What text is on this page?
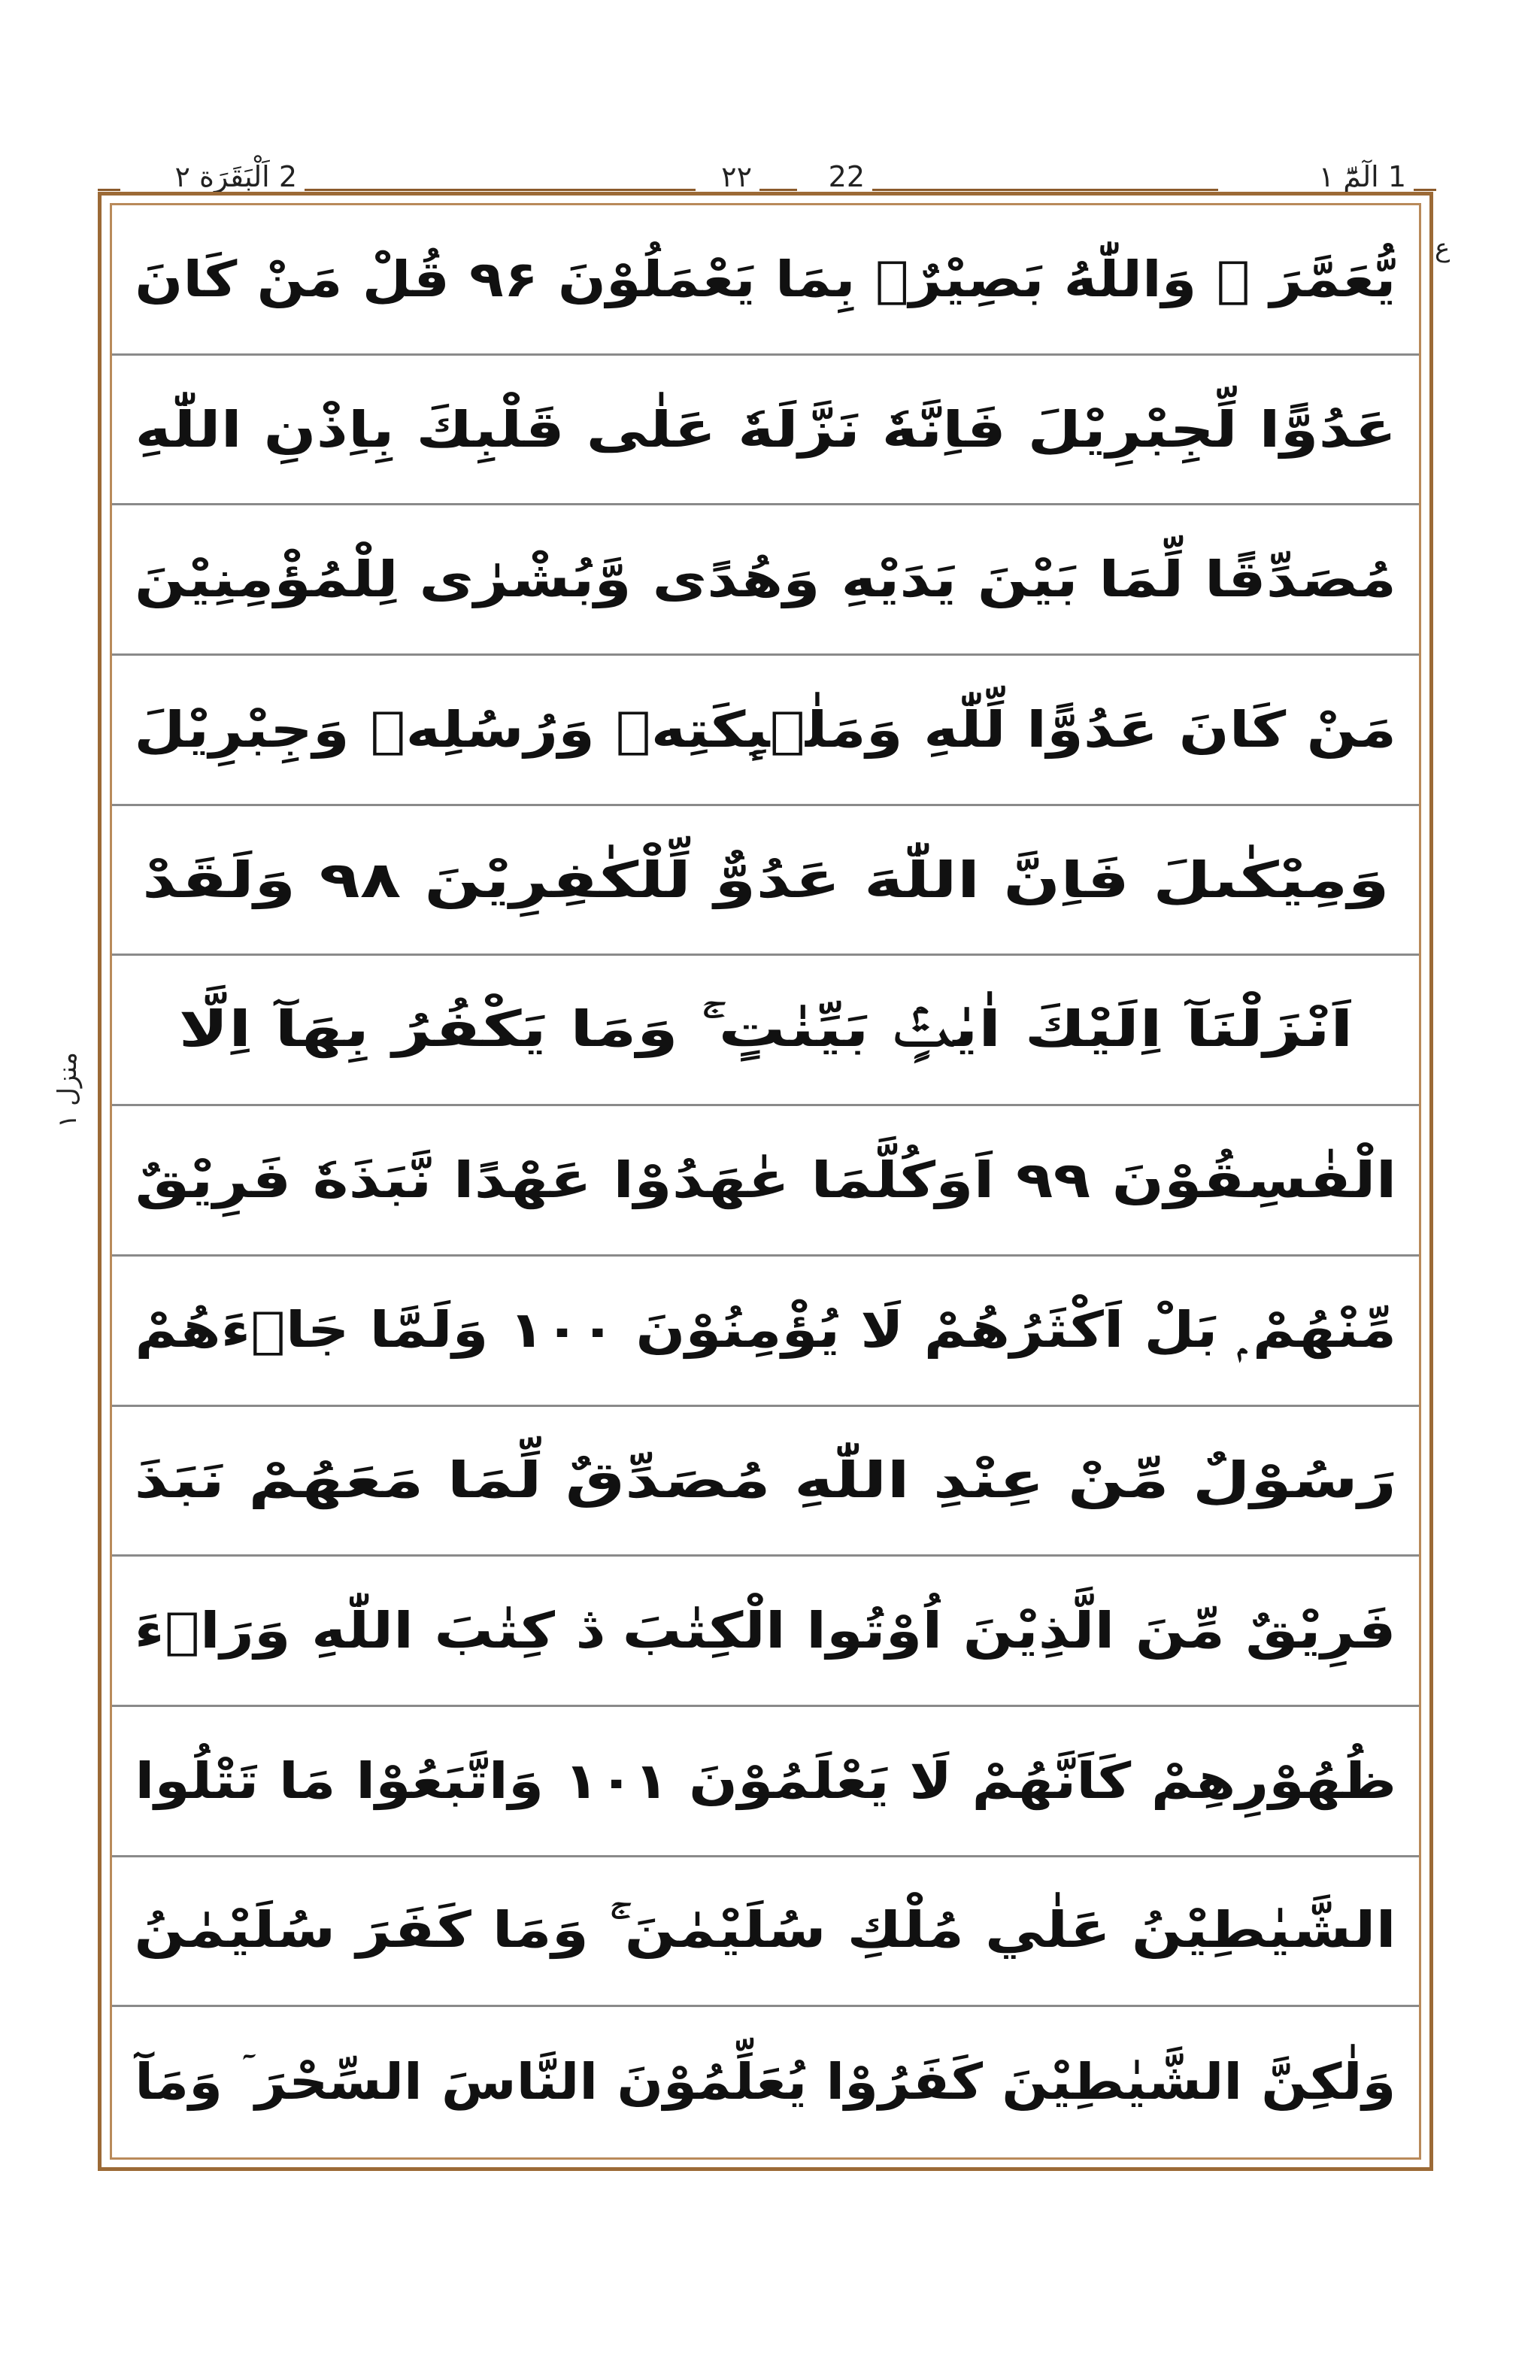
1 الٓمّٓ ١
22
٢٢
2 اَلْبَقَرَة ٢
ع
منزل ١
يُّعَمَّرَ ۭ وَاللّٰهُ بَصِيْرٌۢ بِمَا يَعْمَلُوْنَ ۹۶ قُلْ مَنْ كَانَ
عَدُوًّا لِّجِبْرِيْلَ فَاِنَّهٗ نَزَّلَهٗ عَلٰى قَلْبِكَ بِاِذْنِ اللّٰهِ
مُصَدِّقًا لِّمَا بَيْنَ يَدَيْهِ وَهُدًى وَّبُشْرٰى لِلْمُؤْمِنِيْنَ
مَنْ كَانَ عَدُوًّا لِّلّٰهِ وَمَلٰۗىِٕكَتِهٖ وَرُسُلِهٖ وَجِبْرِيْلَ
وَمِيْكٰىلَ فَاِنَّ اللّٰهَ عَدُوٌّ لِّلْكٰفِرِيْنَ ۹۸ وَلَقَدْ
اَنْزَلْنَآ اِلَيْكَ اٰيٰتٍۢ بَيِّنٰتٍ ۚ وَمَا يَكْفُرُ بِهَآ اِلَّا
الْفٰسِقُوْنَ ۹۹ اَوَكُلَّمَا عٰهَدُوْا عَهْدًا نَّبَذَهٗ فَرِيْقٌ
مِّنْهُمْ ۭ بَلْ اَكْثَرُھُمْ لَا يُؤْمِنُوْنَ ۱۰۰ وَلَمَّا جَاۗءَھُمْ
رَسُوْلٌ مِّنْ عِنْدِ اللّٰهِ مُصَدِّقٌ لِّمَا مَعَھُمْ نَبَذَ
فَرِيْقٌ مِّنَ الَّذِيْنَ اُوْتُوا الْكِتٰبَ ڎ كِتٰبَ اللّٰهِ وَرَاۗءَ
ظُهُوْرِهِمْ كَاَنَّھُمْ لَا يَعْلَمُوْنَ ۱۰۱ وَاتَّبَعُوْا مَا تَتْلُوا
الشَّيٰطِيْنُ عَلٰي مُلْكِ سُلَيْمٰنَ ۚ وَمَا كَفَرَ سُلَيْمٰنُ
وَلٰكِنَّ الشَّيٰطِيْنَ كَفَرُوْا يُعَلِّمُوْنَ النَّاسَ السِّحْرَ ۤ وَمَآ
